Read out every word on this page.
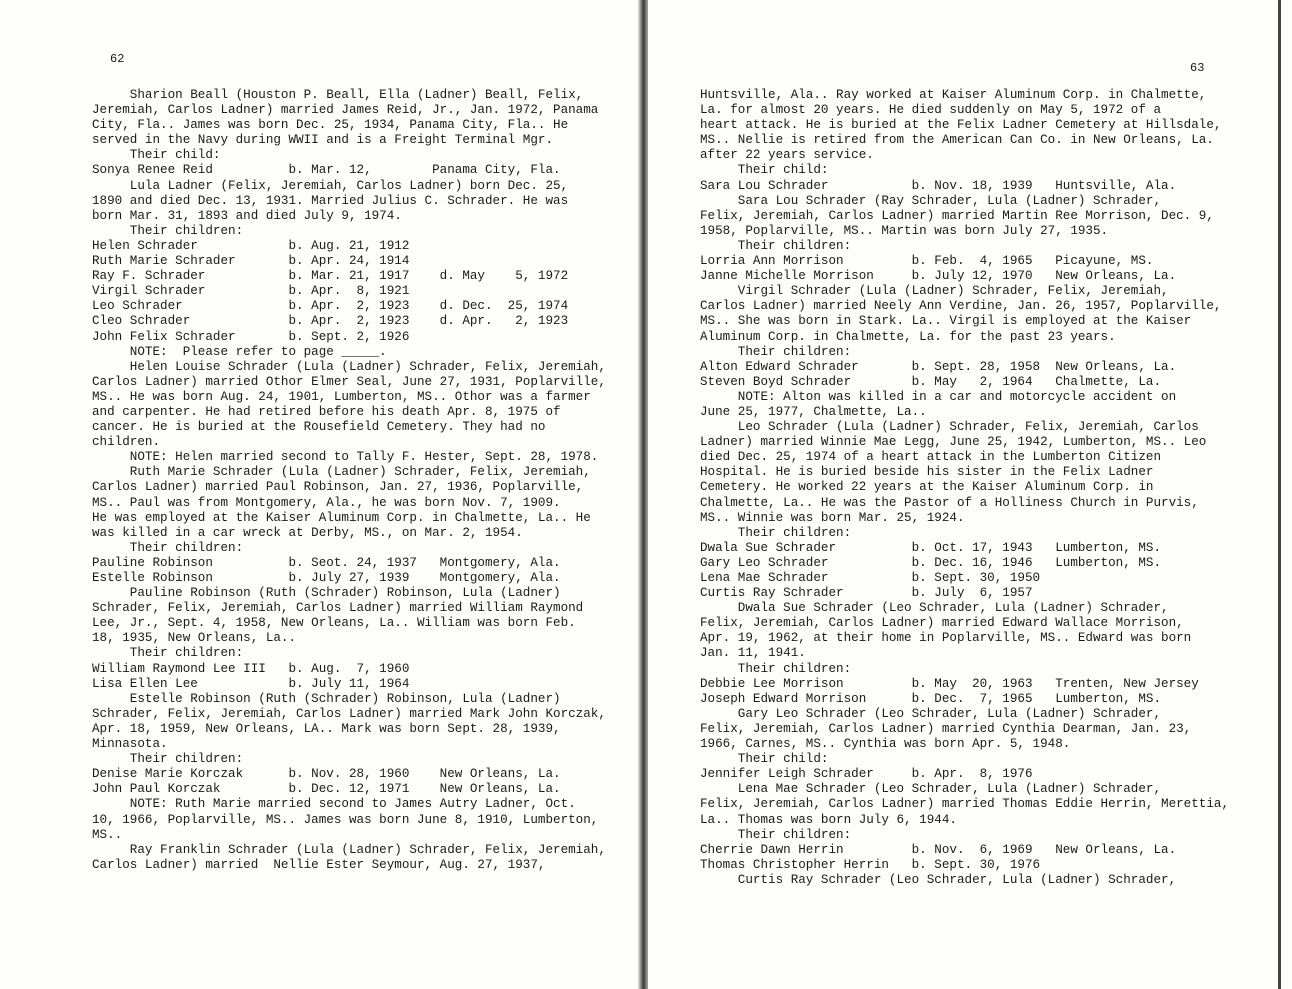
62
Sharion Beall (Houston P. Beall, Ella (Ladner) Beall, Felix,
Jeremiah, Carlos Ladner) married James Reid, Jr., Jan. 1972, Panama
City, Fla.. James was born Dec. 25, 1934, Panama City, Fla.. He
served in the Navy during WWII and is a Freight Terminal Mgr.
Their child:
Sonya Renee Reid          b. Mar. 12,        Panama City, Fla.
Lula Ladner (Felix, Jeremiah, Carlos Ladner) born Dec. 25,
1890 and died Dec. 13, 1931. Married Julius C. Schrader. He was
born Mar. 31, 1893 and died July 9, 1974.
Their children:
Helen Schrader            b. Aug. 21, 1912
Ruth Marie Schrader       b. Apr. 24, 1914
Ray F. Schrader           b. Mar. 21, 1917    d. May    5, 1972
Virgil Schrader           b. Apr.  8, 1921
Leo Schrader              b. Apr.  2, 1923    d. Dec.  25, 1974
Cleo Schrader             b. Apr.  2, 1923    d. Apr.   2, 1923
John Felix Schrader       b. Sept. 2, 1926
NOTE:  Please refer to page _____.
Helen Louise Schrader (Lula (Ladner) Schrader, Felix, Jeremiah,
Carlos Ladner) married Othor Elmer Seal, June 27, 1931, Poplarville,
MS.. He was born Aug. 24, 1901, Lumberton, MS.. Othor was a farmer
and carpenter. He had retired before his death Apr. 8, 1975 of
cancer. He is buried at the Rousefield Cemetery. They had no
children.
NOTE: Helen married second to Tally F. Hester, Sept. 28, 1978.
Ruth Marie Schrader (Lula (Ladner) Schrader, Felix, Jeremiah,
Carlos Ladner) married Paul Robinson, Jan. 27, 1936, Poplarville,
MS.. Paul was from Montgomery, Ala., he was born Nov. 7, 1909.
He was employed at the Kaiser Aluminum Corp. in Chalmette, La.. He
was killed in a car wreck at Derby, MS., on Mar. 2, 1954.
Their children:
Pauline Robinson          b. Seot. 24, 1937   Montgomery, Ala.
Estelle Robinson          b. July 27, 1939    Montgomery, Ala.
Pauline Robinson (Ruth (Schrader) Robinson, Lula (Ladner)
Schrader, Felix, Jeremiah, Carlos Ladner) married William Raymond
Lee, Jr., Sept. 4, 1958, New Orleans, La.. William was born Feb.
18, 1935, New Orleans, La..
Their children:
William Raymond Lee III   b. Aug.  7, 1960
Lisa Ellen Lee            b. July 11, 1964
Estelle Robinson (Ruth (Schrader) Robinson, Lula (Ladner)
Schrader, Felix, Jeremiah, Carlos Ladner) married Mark John Korczak,
Apr. 18, 1959, New Orleans, LA.. Mark was born Sept. 28, 1939,
Minnasota.
Their children:
Denise Marie Korczak      b. Nov. 28, 1960    New Orleans, La.
John Paul Korczak         b. Dec. 12, 1971    New Orleans, La.
NOTE: Ruth Marie married second to James Autry Ladner, Oct.
10, 1966, Poplarville, MS.. James was born June 8, 1910, Lumberton,
MS..
Ray Franklin Schrader (Lula (Ladner) Schrader, Felix, Jeremiah,
Carlos Ladner) married  Nellie Ester Seymour, Aug. 27, 1937,
63
Huntsville, Ala.. Ray worked at Kaiser Aluminum Corp. in Chalmette,
La. for almost 20 years. He died suddenly on May 5, 1972 of a
heart attack. He is buried at the Felix Ladner Cemetery at Hillsdale,
MS.. Nellie is retired from the American Can Co. in New Orleans, La.
after 22 years service.
Their child:
Sara Lou Schrader           b. Nov. 18, 1939   Huntsville, Ala.
Sara Lou Schrader (Ray Schrader, Lula (Ladner) Schrader,
Felix, Jeremiah, Carlos Ladner) married Martin Ree Morrison, Dec. 9,
1958, Poplarville, MS.. Martin was born July 27, 1935.
Their children:
Lorria Ann Morrison         b. Feb.  4, 1965   Picayune, MS.
Janne Michelle Morrison     b. July 12, 1970   New Orleans, La.
Virgil Schrader (Lula (Ladner) Schrader, Felix, Jeremiah,
Carlos Ladner) married Neely Ann Verdine, Jan. 26, 1957, Poplarville,
MS.. She was born in Stark. La.. Virgil is employed at the Kaiser
Aluminum Corp. in Chalmette, La. for the past 23 years.
Their children:
Alton Edward Schrader       b. Sept. 28, 1958  New Orleans, La.
Steven Boyd Schrader        b. May   2, 1964   Chalmette, La.
NOTE: Alton was killed in a car and motorcycle accident on
June 25, 1977, Chalmette, La..
Leo Schrader (Lula (Ladner) Schrader, Felix, Jeremiah, Carlos
Ladner) married Winnie Mae Legg, June 25, 1942, Lumberton, MS.. Leo
died Dec. 25, 1974 of a heart attack in the Lumberton Citizen
Hospital. He is buried beside his sister in the Felix Ladner
Cemetery. He worked 22 years at the Kaiser Aluminum Corp. in
Chalmette, La.. He was the Pastor of a Holliness Church in Purvis,
MS.. Winnie was born Mar. 25, 1924.
Their children:
Dwala Sue Schrader          b. Oct. 17, 1943   Lumberton, MS.
Gary Leo Schrader           b. Dec. 16, 1946   Lumberton, MS.
Lena Mae Schrader           b. Sept. 30, 1950
Curtis Ray Schrader         b. July  6, 1957
Dwala Sue Schrader (Leo Schrader, Lula (Ladner) Schrader,
Felix, Jeremiah, Carlos Ladner) married Edward Wallace Morrison,
Apr. 19, 1962, at their home in Poplarville, MS.. Edward was born
Jan. 11, 1941.
Their children:
Debbie Lee Morrison         b. May  20, 1963   Trenten, New Jersey
Joseph Edward Morrison      b. Dec.  7, 1965   Lumberton, MS.
Gary Leo Schrader (Leo Schrader, Lula (Ladner) Schrader,
Felix, Jeremiah, Carlos Ladner) married Cynthia Dearman, Jan. 23,
1966, Carnes, MS.. Cynthia was born Apr. 5, 1948.
Their child:
Jennifer Leigh Schrader     b. Apr.  8, 1976
Lena Mae Schrader (Leo Schrader, Lula (Ladner) Schrader,
Felix, Jeremiah, Carlos Ladner) married Thomas Eddie Herrin, Merettia,
La.. Thomas was born July 6, 1944.
Their children:
Cherrie Dawn Herrin         b. Nov.  6, 1969   New Orleans, La.
Thomas Christopher Herrin   b. Sept. 30, 1976
Curtis Ray Schrader (Leo Schrader, Lula (Ladner) Schrader,
